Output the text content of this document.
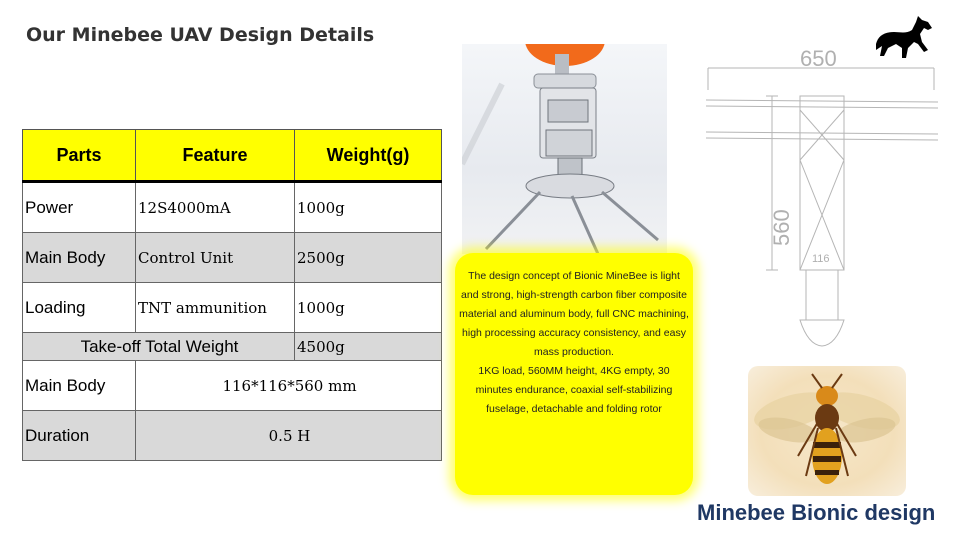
Our Minebee UAV Design Details
Parts	Feature	Weight(g)
Power	12S4000mA	1000g
Main Body	Control Unit	2500g
Loading	TNT ammunition	1000g
Take-off Total Weight		4500g
Main Body	116*116*560 mm	
Duration	0.5 H	
The design concept of Bionic MineBee is light and strong, high-strength carbon fiber composite material and aluminum body, full CNC machining, high processing accuracy consistency, and easy mass production.
1KG load, 560MM height, 4KG empty, 30 minutes endurance, coaxial self-stabilizing fuselage, detachable and folding rotor
650
560
116
Minebee Bionic design
